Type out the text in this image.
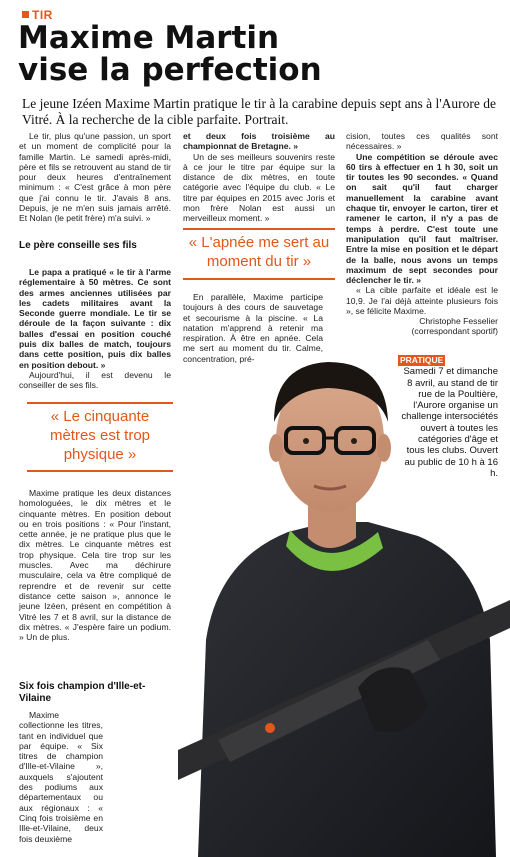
TIR
Maxime Martin
vise la perfection
Le jeune Izéen Maxime Martin pratique le tir à la carabine depuis sept ans à l'Aurore de Vitré. À la recherche de la cible parfaite. Portrait.

Le tir, plus qu'une passion, un sport et un moment de complicité pour la famille Martin. Le samedi après-midi, père et fils se retrouvent au stand de tir pour deux heures d'entraînement minimum : « C'est grâce à mon père que j'ai connu le tir. J'avais 8 ans. Depuis, je ne m'en suis jamais arrêté. Et Nolan (le petit frère) m'a suivi. »

Le père conseille ses fils

Le papa a pratiqué « le tir à l'arme réglementaire à 50 mètres. Ce sont des armes anciennes utilisées par les cadets militaires avant la Seconde guerre mondiale. Le tir se déroule de la façon suivante : dix balles d'essai en position couché puis dix balles de match, toujours dans cette position, puis dix balles en position debout. »

Aujourd'hui, il est devenu le conseiller de ses fils.

« Le cinquante mètres est trop physique »

Maxime pratique les deux distances homologuées, le dix mètres et le cinquante mètres. En position debout ou en trois positions : « Pour l'instant, cette année, je ne pratique plus que le dix mètres. Le cinquante mètres est trop physique. Cela tire trop sur les muscles. Avec ma déchirure musculaire, cela va être compliqué de reprendre et de revenir sur cette distance cette saison », annonce le jeune Izéen, présent en compétition à Vitré les 7 et 8 avril, sur la distance de dix mètres. « J'espère faire un podium. » Un de plus.

Six fois champion d'Ille-et-Vilaine

Maxime collectionne les titres, tant en individuel que par équipe. « Six titres de champion d'Ille-et-Vilaine », auxquels s'ajoutent des podiums aux départementaux ou aux régionaux : « Cinq fois troisième en Ille-et-Vilaine, deux fois deuxième

et deux fois troisième au championnat de Bretagne. »

Un de ses meilleurs souvenirs reste à ce jour le titre par équipe sur la distance de dix mètres, en toute catégorie avec l'équipe du club. « Le titre par équipes en 2015 avec Joris et mon frère Nolan est aussi un merveilleux moment. »

« L'apnée me sert au moment du tir »

En parallèle, Maxime participe toujours à des cours de sauvetage et secourisme à la piscine. « La natation m'apprend à retenir ma respiration. À être en apnée. Cela me sert au moment du tir. Calme, concentration, pré-

cision, toutes ces qualités sont nécessaires. »

Une compétition se déroule avec 60 tirs à effectuer en 1 h 30, soit un tir toutes les 90 secondes. « Quand on sait qu'il faut charger manuellement la carabine avant chaque tir, envoyer le carton, tirer et ramener le carton, il n'y a pas de temps à perdre. C'est toute une manipulation qu'il faut maîtriser. Entre la mise en position et le départ de la balle, nous avons un temps maximum de sept secondes pour déclencher le tir. »

« La cible parfaite et idéale est le 10,9. Je l'ai déjà atteinte plusieurs fois », se félicite Maxime.

Christophe Fesselier
(correspondant sportif)
PRATIQUE
Samedi 7 et dimanche 8 avril, au stand de tir rue de la Poultière, l'Aurore organise un challenge intersociétés ouvert à toutes les catégories d'âge et tous les clubs. Ouvert au public de 10 h à 16 h.
